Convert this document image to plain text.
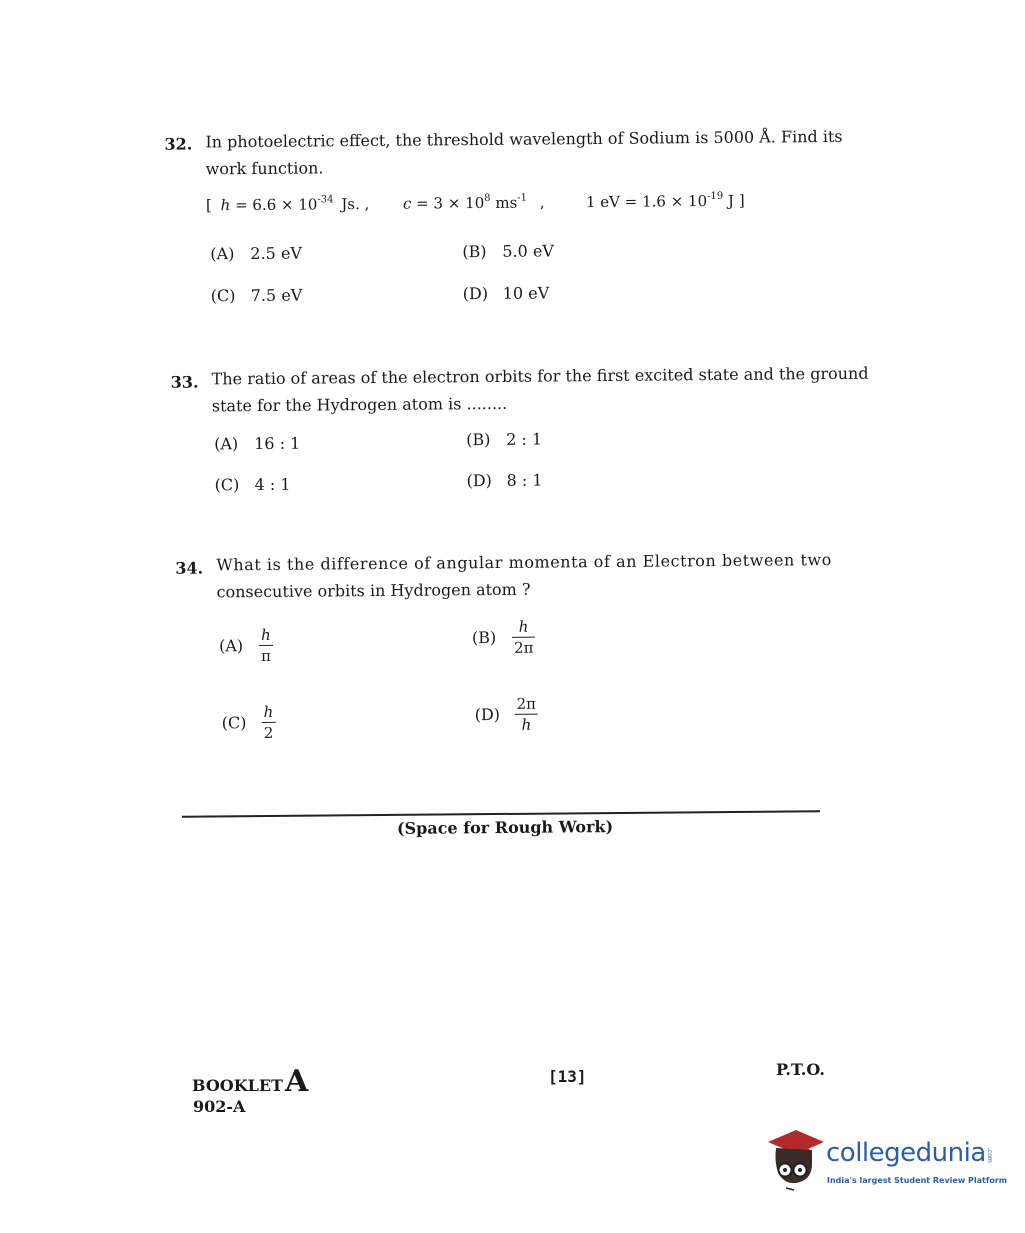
32. In photoelectric effect, the threshold wavelength of Sodium is 5000 Å. Find its
work function.
[ $h = 6.6 \times 10^{-34}$ Js. , $c = 3 \times 10^8$ $ms^{-1}$ ,	1 eV = $1.6 \times 10^{-19}$ J ]
(A) 2.5 eV	(B) 5.0 eV
(C) 7.5 eV	(D) 10 eV
33. The ratio of areas of the electron orbits for the first excited state and the ground
state for the Hydrogen atom is ........
(A) 16 : 1	(B) 2 : 1
(C) 4 : 1	(D) 8 : 1
34. What is the difference of angular momenta of an Electron between two
consecutive orbits in Hydrogen atom ?
$(A) \frac{h}{\pi}$	$(B) \frac{h}{2\pi}$
$(C) \frac{h}{2}$	$(D) \frac{2\pi}{h}$
(Space for Rough Work)
BOOKLETA
902-A
[13]	P.T.O.
collegedunia .com
India's largest Student Review Platform
